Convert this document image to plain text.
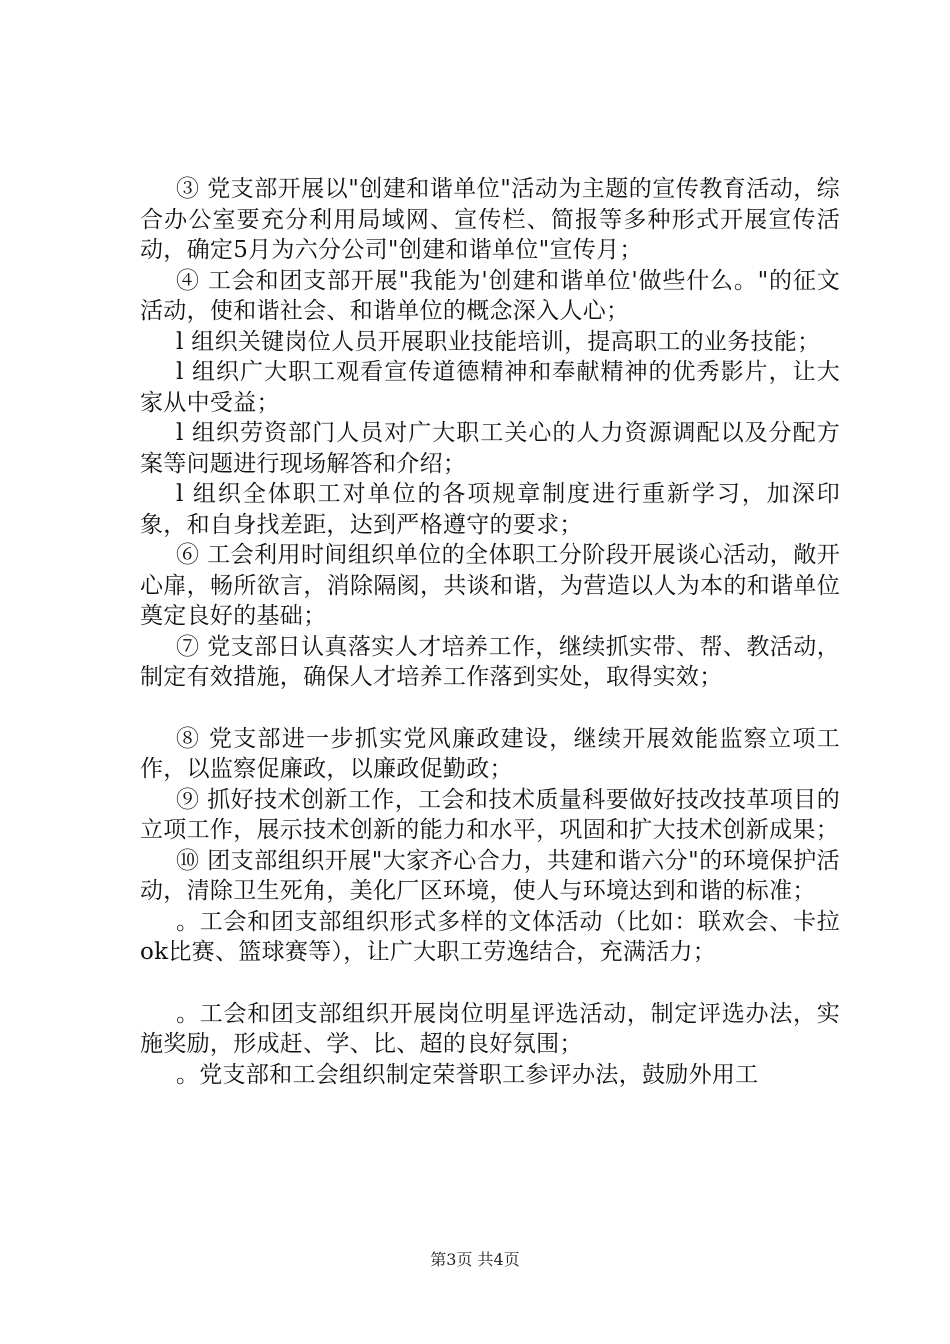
③ 党支部开展以"创建和谐单位"活动为主题的宣传教育活动，综合办公室要充分利用局域网、宣传栏、简报等多种形式开展宣传活动，确定5月为六分公司"创建和谐单位"宣传月；

④ 工会和团支部开展"我能为'创建和谐单位'做些什么。"的征文活动，使和谐社会、和谐单位的概念深入人心；

l 组织关键岗位人员开展职业技能培训，提高职工的业务技能；

l 组织广大职工观看宣传道德精神和奉献精神的优秀影片，让大家从中受益；

l 组织劳资部门人员对广大职工关心的人力资源调配以及分配方案等问题进行现场解答和介绍；

l 组织全体职工对单位的各项规章制度进行重新学习，加深印象，和自身找差距，达到严格遵守的要求；

⑥ 工会利用时间组织单位的全体职工分阶段开展谈心活动，敞开心扉，畅所欲言，消除隔阂，共谈和谐，为营造以人为本的和谐单位奠定良好的基础；

⑦ 党支部日认真落实人才培养工作，继续抓实带、帮、教活动，制定有效措施，确保人才培养工作落到实处，取得实效；

⑧ 党支部进一步抓实党风廉政建设，继续开展效能监察立项工作，以监察促廉政，以廉政促勤政；

⑨ 抓好技术创新工作，工会和技术质量科要做好技改技革项目的立项工作，展示技术创新的能力和水平，巩固和扩大技术创新成果；

⑩ 团支部组织开展"大家齐心合力，共建和谐六分"的环境保护活动，清除卫生死角，美化厂区环境，使人与环境达到和谐的标准；

。工会和团支部组织形式多样的文体活动（比如：联欢会、卡拉ok比赛、篮球赛等），让广大职工劳逸结合，充满活力；

。工会和团支部组织开展岗位明星评选活动，制定评选办法，实施奖励，形成赶、学、比、超的良好氛围；

。党支部和工会组织制定荣誉职工参评办法，鼓励外用工

第3页 共4页
